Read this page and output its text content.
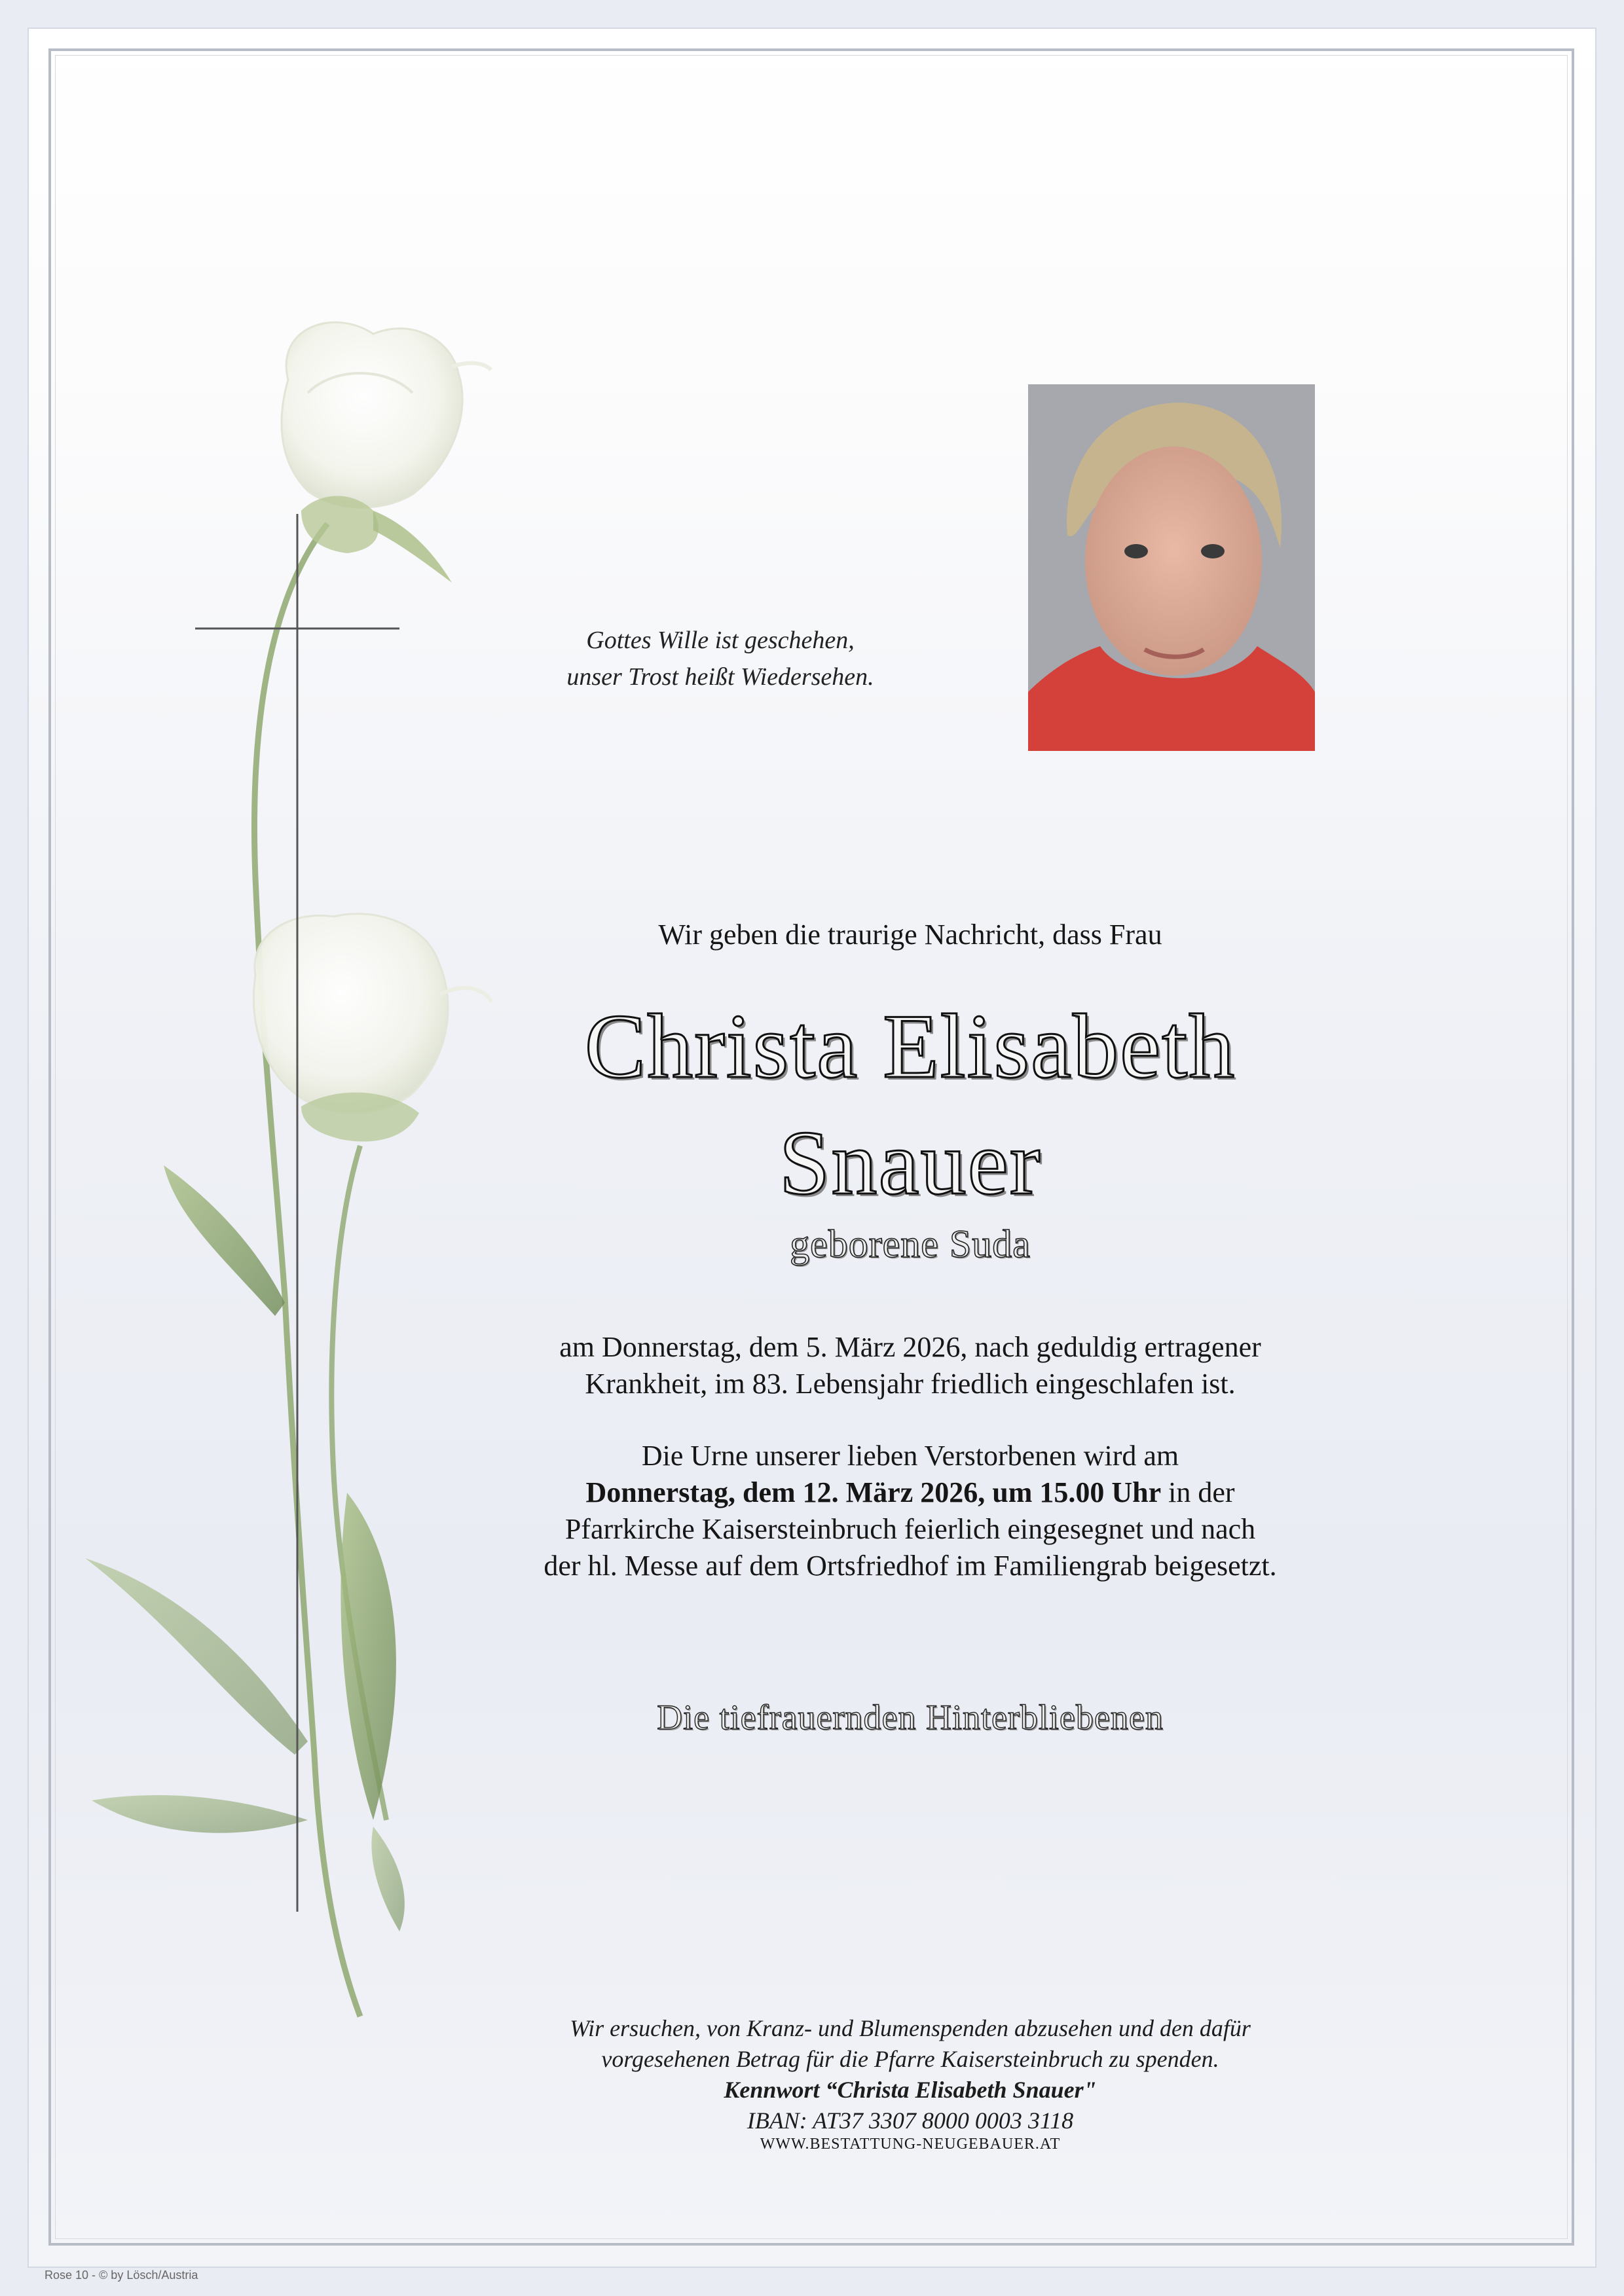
Gottes Wille ist geschehen,
unser Trost heißt Wiedersehen.
Wir geben die traurige Nachricht, dass Frau
Christa Elisabeth
Snauer
geborene Suda
am Donnerstag, dem 5. März 2026, nach geduldig ertragener
Krankheit, im 83. Lebensjahr friedlich eingeschlafen ist.
Die Urne unserer lieben Verstorbenen wird am
Donnerstag, dem 12. März 2026, um 15.00 Uhr in der
Pfarrkirche Kaisersteinbruch feierlich eingesegnet und nach
der hl. Messe auf dem Ortsfriedhof im Familiengrab beigesetzt.
Die tiefrauernden Hinterbliebenen
Wir ersuchen, von Kranz- und Blumenspenden abzusehen und den dafür
vorgesehenen Betrag für die Pfarre Kaisersteinbruch zu spenden.
Kennwort “Christa Elisabeth Snauer"
IBAN: AT37 3307 8000 0003 3118
WWW.BESTATTUNG-NEUGEBAUER.AT
Rose 10 - © by Lösch/Austria
